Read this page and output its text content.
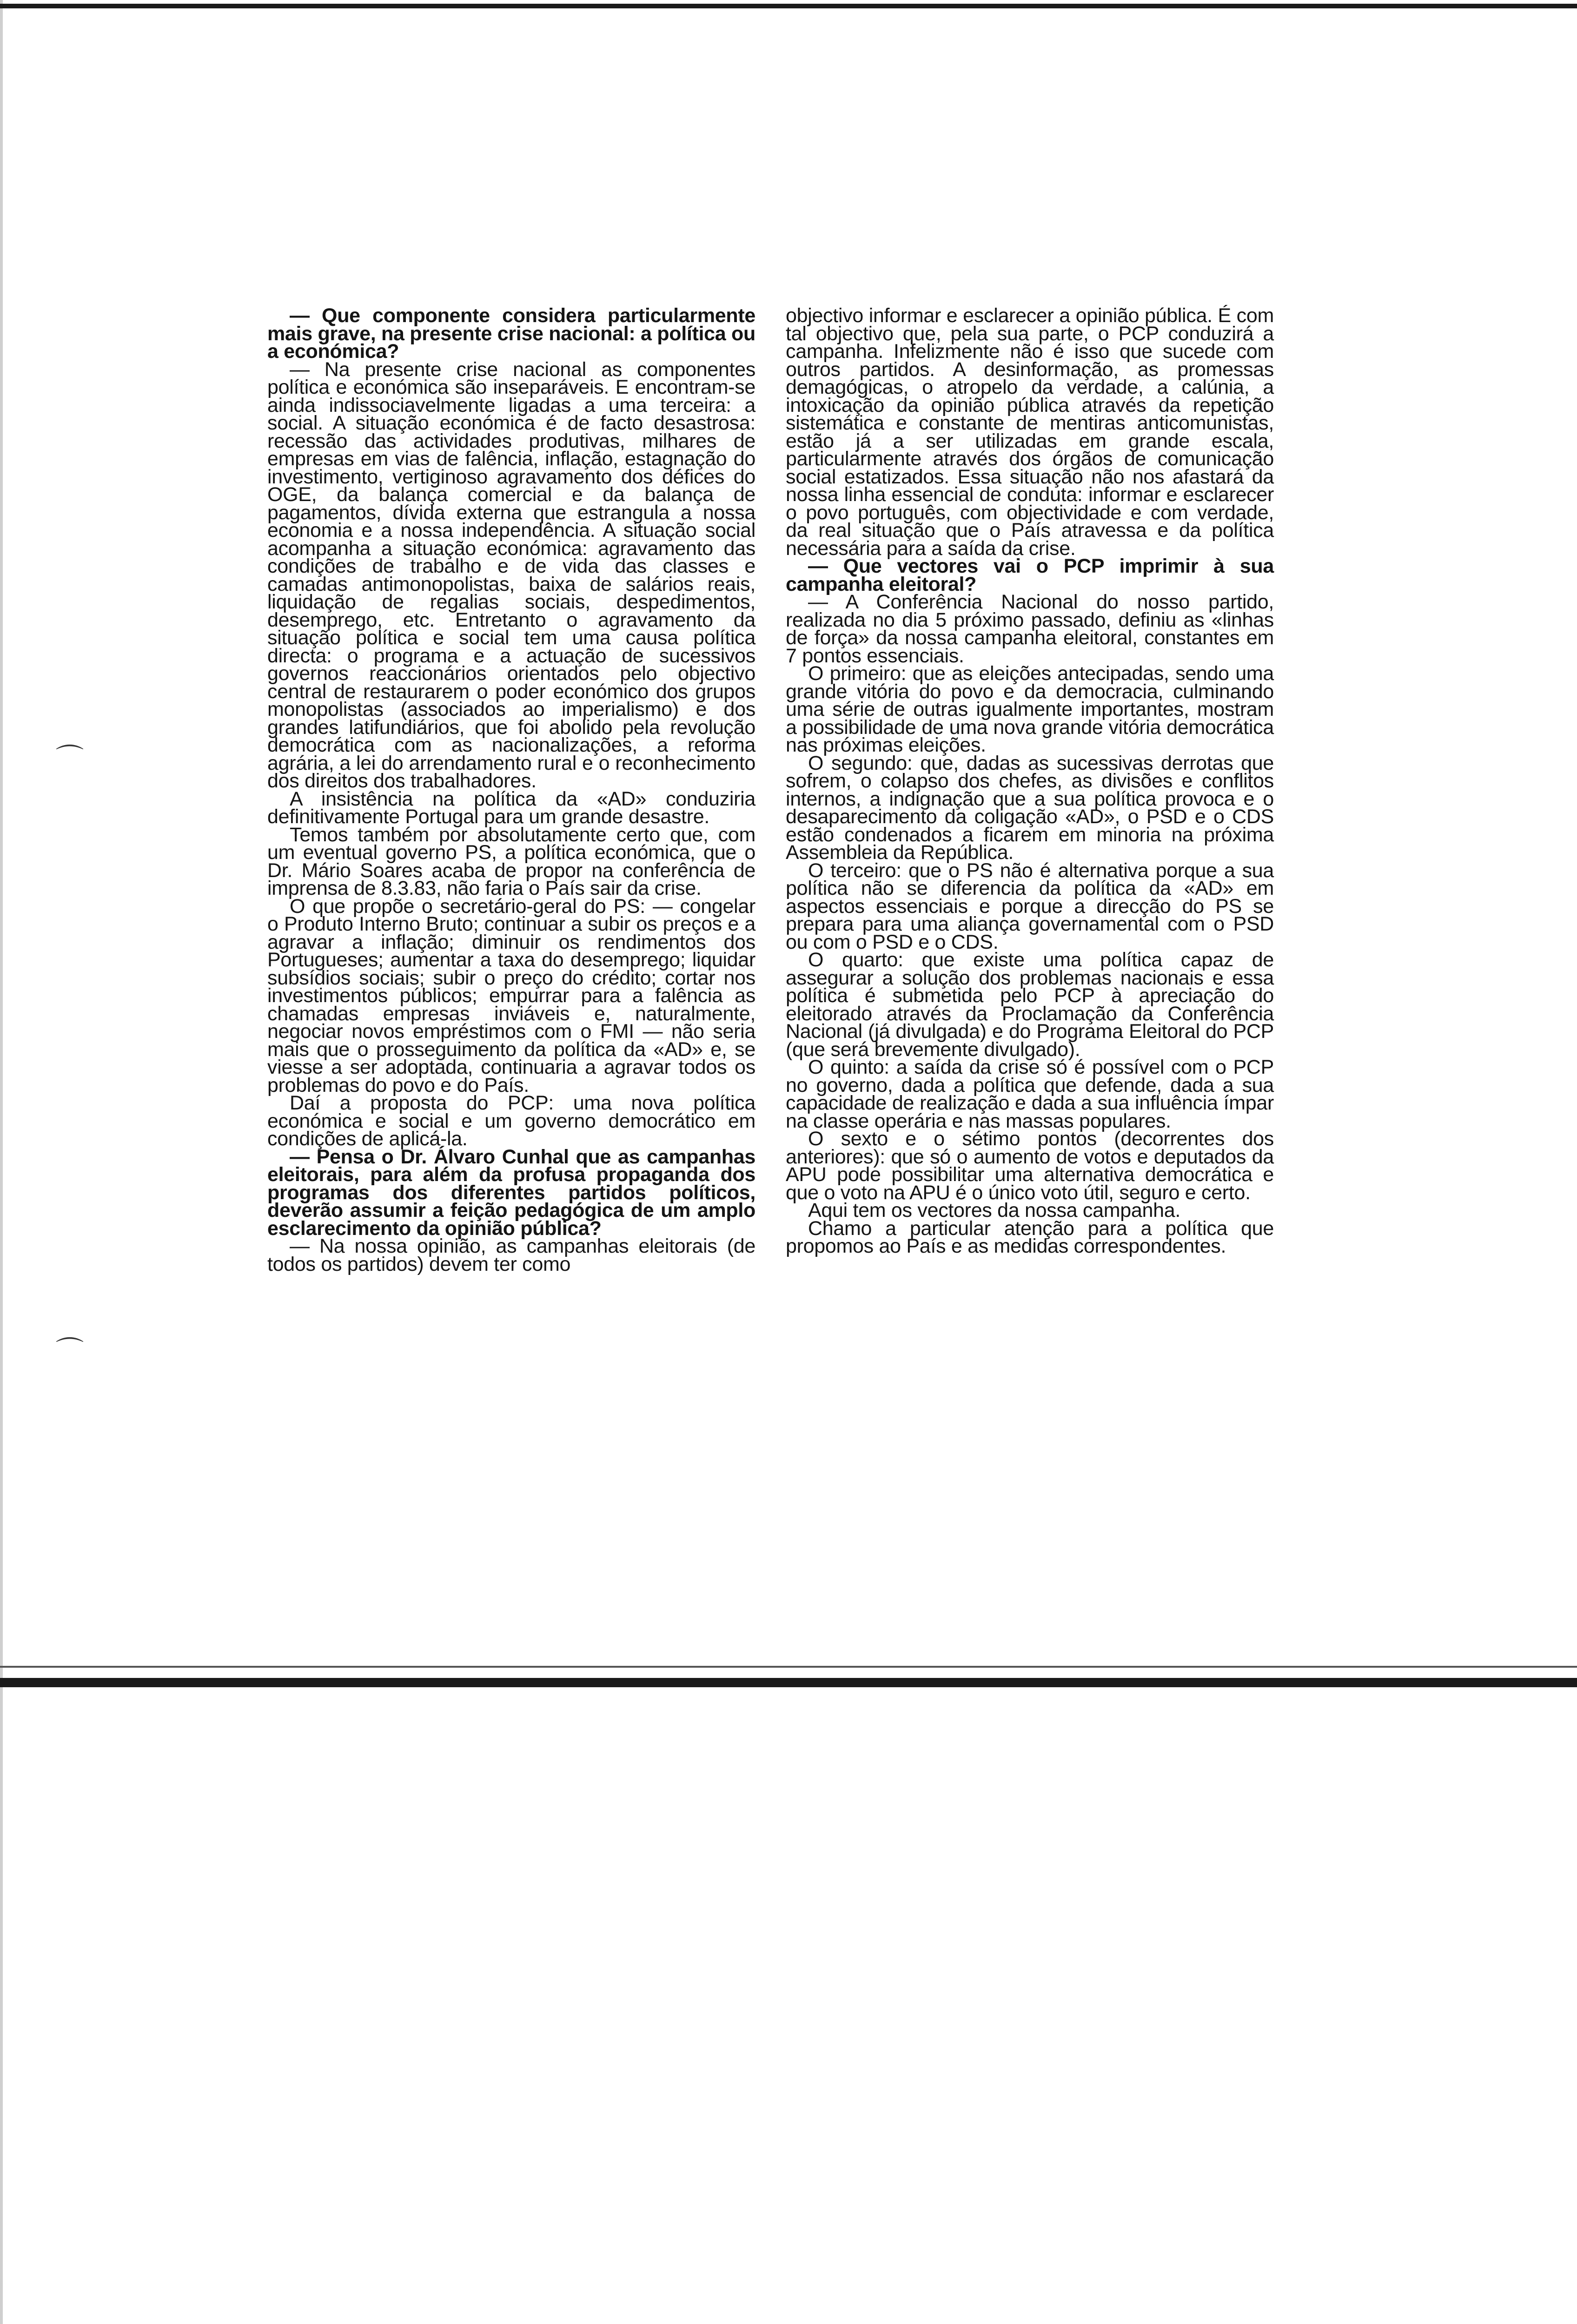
⌒
⌒

— Que componente considera particularmente mais grave, na presente crise nacional: a política ou a económica?

— Na presente crise nacional as componentes política e económica são inseparáveis. E encontram-se ainda indissociavelmente ligadas a uma terceira: a social. A situação económica é de facto desastrosa: recessão das actividades produtivas, milhares de empresas em vias de falência, inflação, estagnação do investimento, vertiginoso agravamento dos défices do OGE, da balança comercial e da balança de pagamentos, dívida externa que estrangula a nossa economia e a nossa independência. A situação social acompanha a situação económica: agravamento das condições de trabalho e de vida das classes e camadas antimonopolistas, baixa de salários reais, liquidação de regalias sociais, despedimentos, desemprego, etc. Entretanto o agravamento da situação política e social tem uma causa política directa: o programa e a actuação de sucessivos governos reaccionários orientados pelo objectivo central de restaurarem o poder económico dos grupos monopolistas (associados ao imperialismo) e dos grandes latifundiários, que foi abolido pela revolução democrática com as nacionalizações, a reforma agrária, a lei do arrendamento rural e o reconhecimento dos direitos dos trabalhadores.

A insistência na política da «AD» conduziria definitivamente Portugal para um grande desastre.

Temos também por absolutamente certo que, com um eventual governo PS, a política económica, que o Dr. Mário Soares acaba de propor na conferência de imprensa de 8.3.83, não faria o País sair da crise.

O que propõe o secretário-geral do PS: — congelar o Produto Interno Bruto; continuar a subir os preços e a agravar a inflação; diminuir os rendimentos dos Portugueses; aumentar a taxa do desemprego; liquidar subsídios sociais; subir o preço do crédito; cortar nos investimentos públicos; empurrar para a falência as chamadas empresas inviáveis e, naturalmente, negociar novos empréstimos com o FMI — não seria mais que o prosseguimento da política da «AD» e, se viesse a ser adoptada, continuaria a agravar todos os problemas do povo e do País.

Daí a proposta do PCP: uma nova política económica e social e um governo democrático em condições de aplicá-la.

— Pensa o Dr. Álvaro Cunhal que as campanhas eleitorais, para além da profusa propaganda dos programas dos diferentes partidos políticos, deverão assumir a feição pedagógica de um amplo esclarecimento da opinião pública?

— Na nossa opinião, as campanhas eleitorais (de todos os partidos) devem ter como

objectivo informar e esclarecer a opinião pública. É com tal objectivo que, pela sua parte, o PCP conduzirá a campanha. Infelizmente não é isso que sucede com outros partidos. A desinformação, as promessas demagógicas, o atropelo da verdade, a calúnia, a intoxicação da opinião pública através da repetição sistemática e constante de mentiras anticomunistas, estão já a ser utilizadas em grande escala, particularmente através dos órgãos de comunicação social estatizados. Essa situação não nos afastará da nossa linha essencial de conduta: informar e esclarecer o povo português, com objectividade e com verdade, da real situação que o País atravessa e da política necessária para a saída da crise.

— Que vectores vai o PCP imprimir à sua campanha eleitoral?

— A Conferência Nacional do nosso partido, realizada no dia 5 próximo passado, definiu as «linhas de força» da nossa campanha eleitoral, constantes em 7 pontos essenciais.

O primeiro: que as eleições antecipadas, sendo uma grande vitória do povo e da democracia, culminando uma série de outras igualmente importantes, mostram a possibilidade de uma nova grande vitória democrática nas próximas eleições.

O segundo: que, dadas as sucessivas derrotas que sofrem, o colapso dos chefes, as divisões e conflitos internos, a indignação que a sua política provoca e o desaparecimento da coligação «AD», o PSD e o CDS estão condenados a ficarem em minoria na próxima Assembleia da República.

O terceiro: que o PS não é alternativa porque a sua política não se diferencia da política da «AD» em aspectos essenciais e porque a direcção do PS se prepara para uma aliança governamental com o PSD ou com o PSD e o CDS.

O quarto: que existe uma política capaz de assegurar a solução dos problemas nacionais e essa política é submetida pelo PCP à apreciação do eleitorado através da Proclamação da Conferência Nacional (já divulgada) e do Programa Eleitoral do PCP (que será brevemente divulgado).

O quinto: a saída da crise só é possível com o PCP no governo, dada a política que defende, dada a sua capacidade de realização e dada a sua influência ímpar na classe operária e nas massas populares.

O sexto e o sétimo pontos (decorrentes dos anteriores): que só o aumento de votos e deputados da APU pode possibilitar uma alternativa democrática e que o voto na APU é o único voto útil, seguro e certo.

Aqui tem os vectores da nossa campanha.

Chamo a particular atenção para a política que propomos ao País e as medidas correspondentes.
